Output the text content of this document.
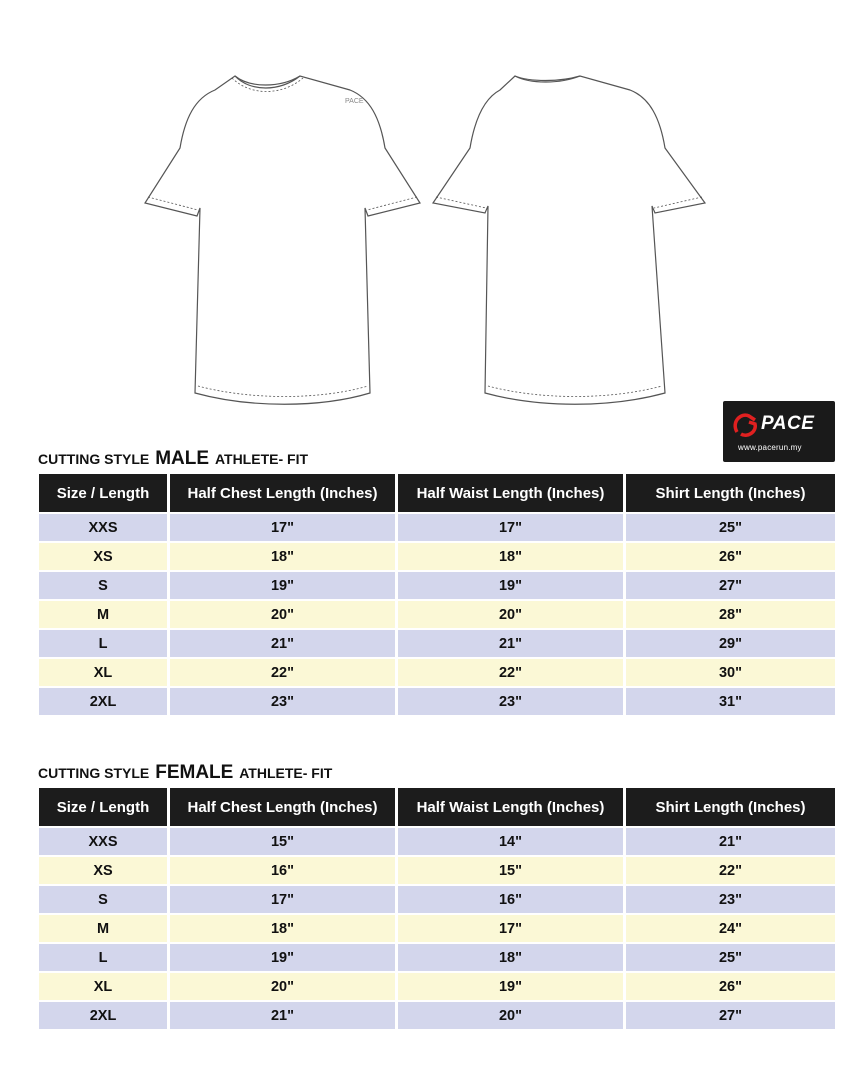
PACE
PACE
www.pacerun.my
CUTTING STYLE MALE ATHLETE- FIT
Size / Length	Half Chest Length (Inches)	Half Waist Length (Inches)	Shirt Length (Inches)
XXS	17"	17"	25"
XS	18"	18"	26"
S	19"	19"	27"
M	20"	20"	28"
L	21"	21"	29"
XL	22"	22"	30"
2XL	23"	23"	31"
CUTTING STYLE FEMALE ATHLETE- FIT
Size / Length	Half Chest Length (Inches)	Half Waist Length (Inches)	Shirt Length (Inches)
XXS	15"	14"	21"
XS	16"	15"	22"
S	17"	16"	23"
M	18"	17"	24"
L	19"	18"	25"
XL	20"	19"	26"
2XL	21"	20"	27"
